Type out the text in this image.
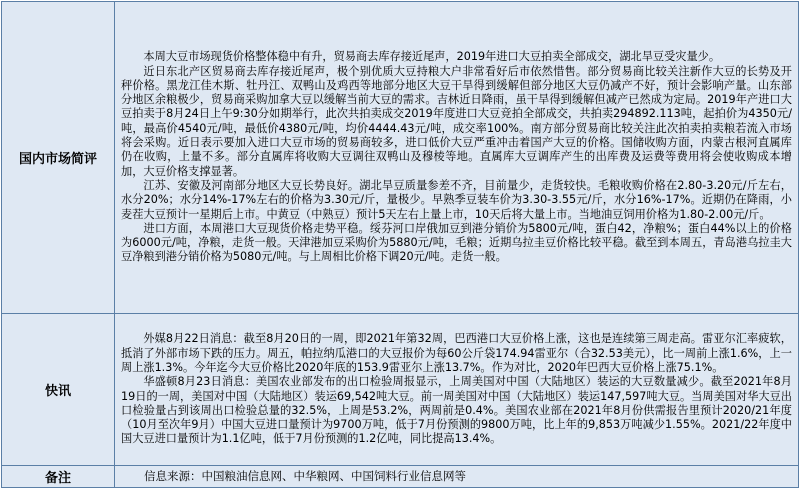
国内市场简评	本周大豆市场现货价格整体稳中有升，贸易商去库存接近尾声，2019年进口大豆拍卖全部成交，湖北旱豆受灾量少。

近日东北产区贸易商去库存接近尾声，极个别优质大豆持粮大户非常看好后市依然惜售。部分贸易商比较关注新作大豆的长势及开秤价格。黑龙江佳木斯、牡丹江、双鸭山及鸡西等地部分地区大豆干旱得到缓解但部分地区大豆仍减产不好，预计会影响产量。山东部分地区余粮极少，贸易商采购加拿大豆以缓解当前大豆的需求。吉林近日降雨，虽干旱得到缓解但减产已然成为定局。2019年产进口大豆拍卖于8月24日上午9:30分如期举行，此次共拍卖成交2019年度进口大豆竞拍全部成交，共拍卖294892.113吨，起拍价为4350元/吨，最高价4540元/吨，最低价4380元/吨，均价4444.43元/吨，成交率100%。南方部分贸易商比较关注此次拍卖拍卖粮若流入市场将会采购。近日表示要加入进口大豆市场的贸易商较多，进口低价大豆严重冲击着国产大豆的价格。国储收购方面，内蒙古根河直属库仍在收购，上量不多。部分直属库将收购大豆调往双鸭山及穆棱等地。直属库大豆调库产生的出库费及运费等费用将会使收购成本增加，大豆价格支撑显著。

江苏、安徽及河南部分地区大豆长势良好。湖北旱豆质量参差不齐，目前量少，走货较快。毛粮收购价格在2.80-3.20元/斤左右，水分20%；水分14%-17%左右的价格为3.30元/斤，量极少。早熟季豆装车价为3.30-3.55元/斤，水分16%-17%。近期仍在降雨，小麦茬大豆预计一星期后上市。中黄豆（中熟豆）预计5天左右上量上市，10天后将大量上市。当地油豆饲用价格为1.80-2.00元/斤。

进口方面，本周港口大豆现货价格走势平稳。绥芬河口岸俄加豆到港分销价为5800元/吨，蛋白42，净粮%；蛋白44%以上的价格为6000元/吨，净粮，走货一般。天津港加豆采购价为5880元/吨，毛粮；近期乌拉圭豆价格比较平稳。截至到本周五，青岛港乌拉圭大豆净粮到港分销价格为5080元/吨。与上周相比价格下调20元/吨。走货一般。

快讯	外媒8月22日消息：截至8月20日的一周，即2021年第32周，巴西港口大豆价格上涨，这也是连续第三周走高。雷亚尔汇率疲软，抵消了外部市场下跌的压力。周五，帕拉纳瓜港口的大豆报价为每60公斤袋174.94雷亚尔（合32.53美元），比一周前上涨1.6%，上一周上涨1.3%。今年迄今大豆价格比2020年底的153.9雷亚尔上涨13.7%。作为对比，2020年巴西大豆价格上涨75.1%。

华盛顿8月23日消息：美国农业部发布的出口检验周报显示，上周美国对中国（大陆地区）装运的大豆数量减少。截至2021年8月19日的一周，美国对中国（大陆地区）装运69,542吨大豆。前一周美国对中国（大陆地区）装运147,597吨大豆。当周美国对华大豆出口检验量占到该周出口检验总量的32.5%，上周是53.2%，两周前是0.4%。美国农业部在2021年8月份供需报告里预计2020/21年度（10月至次年9月）中国大豆进口量预计为9700万吨，低于7月份预测的9800万吨，比上年的9,853万吨减少1.55%。2021/22年度中国大豆进口量预计为1.1亿吨，低于7月份预测的1.2亿吨，同比提高13.4%。

备注	信息来源：中国粮油信息网、中华粮网、中国饲料行业信息网等
